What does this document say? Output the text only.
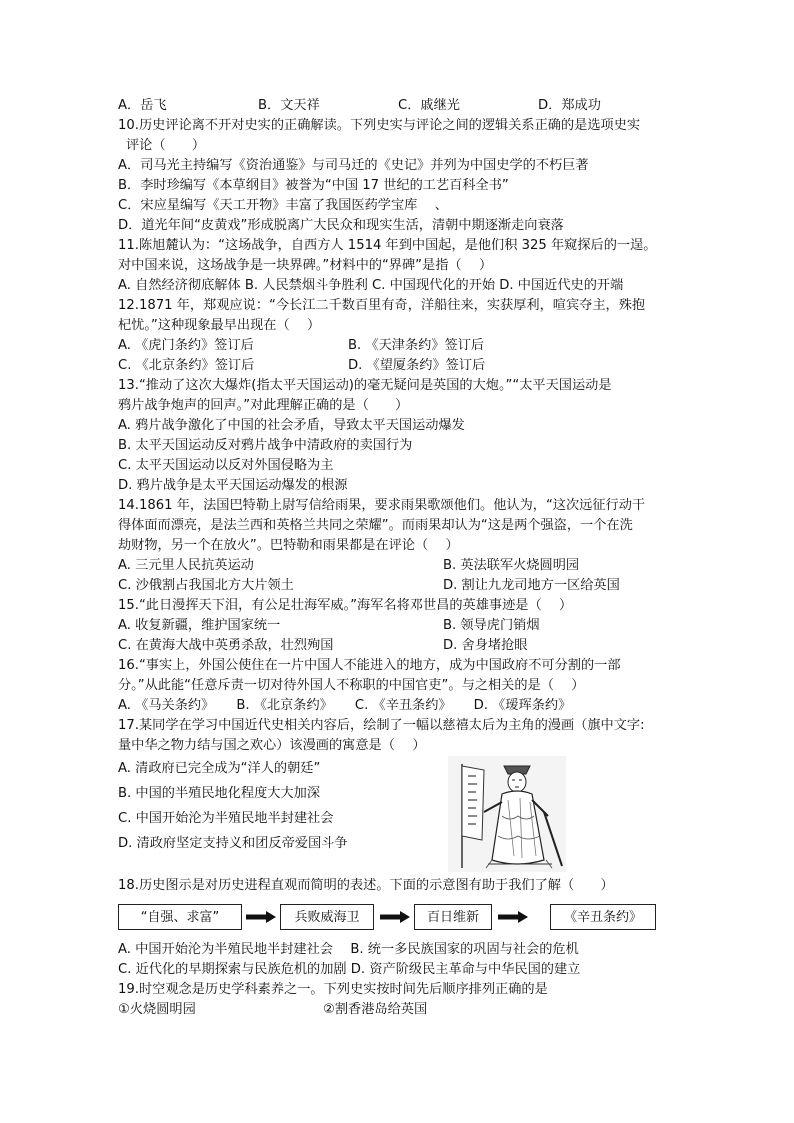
A．岳飞	B．文天祥	C．戚继光	D．郑成功
10.历史评论离不开对史实的正确解读。下列史实与评论之间的逻辑关系正确的是选项史实
评论（　　）
A．司马光主持编写《资治通鉴》与司马迁的《史记》并列为中国史学的不朽巨著
B．李时珍编写《本草纲目》被誉为“中国 17 世纪的工艺百科全书”
C．宋应星编写《天工开物》丰富了我国医药学宝库　 、
D．道光年间“皮黄戏”形成脱离广大民众和现实生活，清朝中期逐渐走向衰落
11.陈旭麓认为：“这场战争，自西方人 1514 年到中国起，是他们积 325 年窥探后的一逞。
对中国来说，这场战争是一块界碑。”材料中的“界碑”是指（　 ）
A. 自然经济彻底解体 B. 人民禁烟斗争胜利 C. 中国现代化的开始 D. 中国近代史的开端
12.1871 年，郑观应说：“今长江二千数百里有奇，洋船往来，实获厚利，喧宾夺主，殊抱
杞忧。”这种现象最早出现在（　 ）
A. 《虎门条约》签订后	B. 《天津条约》签订后
C. 《北京条约》签订后	D. 《望厦条约》签订后
13.“推动了这次大爆炸(指太平天国运动)的毫无疑问是英国的大炮。”“太平天国运动是
鸦片战争炮声的回声。”对此理解正确的是（　　）
A. 鸦片战争激化了中国的社会矛盾，导致太平天国运动爆发
B. 太平天国运动反对鸦片战争中清政府的卖国行为
C. 太平天国运动以反对外国侵略为主
D. 鸦片战争是太平天国运动爆发的根源
14.1861 年，法国巴特勒上尉写信给雨果，要求雨果歌颂他们。他认为，“这次远征行动干
得体面而漂亮，是法兰西和英格兰共同之荣耀”。而雨果却认为“这是两个强盗，一个在洗
劫财物，另一个在放火”。巴特勒和雨果都是在评论（　 ）
A. 三元里人民抗英运动	B. 英法联军火烧圆明园
C. 沙俄割占我国北方大片领土	D. 割让九龙司地方一区给英国
15.“此日漫挥天下泪，有公足壮海军威。”海军名将邓世昌的英雄事迹是（　 ）
A. 收复新疆，维护国家统一	B. 领导虎门销烟
C. 在黄海大战中英勇杀敌，壮烈殉国	D. 舍身堵抢眼
16.“事实上，外国公使住在一片中国人不能进入的地方，成为中国政府不可分割的一部
分。”从此能“任意斥责一切对待外国人不称职的中国官吏”。与之相关的是（　 ）
A. 《马关条约》 B. 《北京条约》 C. 《辛丑条约》 D. 《瑷珲条约》
17.某同学在学习中国近代史相关内容后，绘制了一幅以慈禧太后为主角的漫画（旗中文字:
量中华之物力结与国之欢心）该漫画的寓意是（　 ）
A. 清政府已完全成为“洋人的朝廷”
B. 中国的半殖民地化程度大大加深
C. 中国开始沦为半殖民地半封建社会
D. 清政府坚定支持义和团反帝爱国斗争
18.历史图示是对历史进程直观而简明的表述。下面的示意图有助于我们了解（　　）
“自强、求富”	兵败威海卫	百日维新	《辛丑条约》
A. 中国开始沦为半殖民地半封建社会　 B. 统一多民族国家的巩固与社会的危机
C. 近代化的早期探索与民族危机的加剧 D. 资产阶级民主革命与中华民国的建立
19.时空观念是历史学科素养之一。下列史实按时间先后顺序排列正确的是
①火烧圆明园	②割香港岛给英国
